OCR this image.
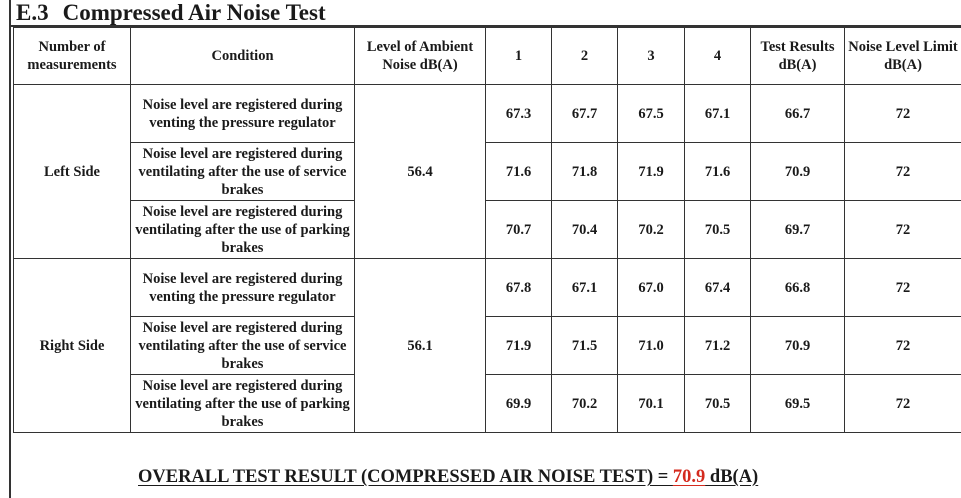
E.3 Compressed Air Noise Test
Number of measurements	Condition	Level of Ambient Noise dB(A)	1	2	3	4	Test Results dB(A)	Noise Level Limit dB(A)
Left Side	Noise level are registered during venting the pressure regulator	56.4	67.3	67.7	67.5	67.1	66.7	72
	Noise level are registered during ventilating after the use of service brakes		71.6	71.8	71.9	71.6	70.9	72
	Noise level are registered during ventilating after the use of parking brakes		70.7	70.4	70.2	70.5	69.7	72
Right Side	Noise level are registered during venting the pressure regulator	56.1	67.8	67.1	67.0	67.4	66.8	72
	Noise level are registered during ventilating after the use of service brakes		71.9	71.5	71.0	71.2	70.9	72
	Noise level are registered during ventilating after the use of parking brakes		69.9	70.2	70.1	70.5	69.5	72
OVERALL TEST RESULT (COMPRESSED AIR NOISE TEST) = 70.9 dB(A)
